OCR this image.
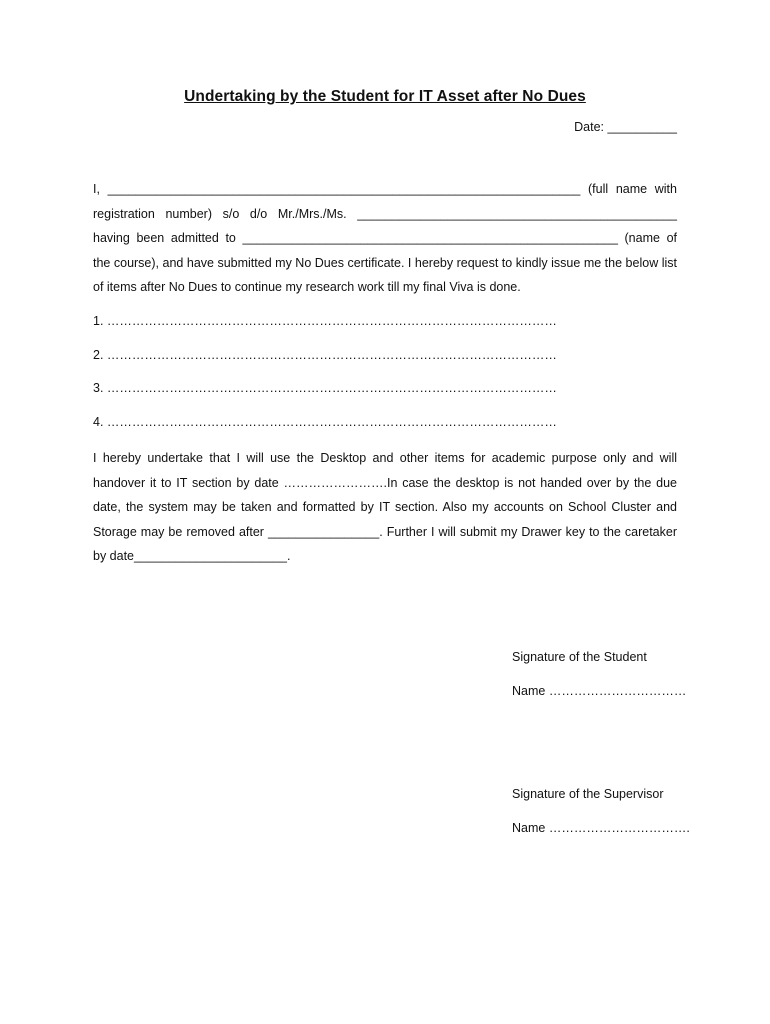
Undertaking by the Student for IT Asset after No Dues
Date: __________

I, ____________________________________________________________________ (full name with registration number) s/o d/o Mr./Mrs./Ms. ______________________________________________ having been admitted to ______________________________________________________ (name of the course), and have submitted my No Dues certificate. I hereby request to kindly issue me the below list of items after No Dues to continue my research work till my final Viva is done.

1. ………………………………………………………………………………………………
2. ………………………………………………………………………………………………
3. ………………………………………………………………………………………………
4. ………………………………………………………………………………………………

I hereby undertake that I will use the Desktop and other items for academic purpose only and will handover it to IT section by date …………………….In case the desktop is not handed over by the due date, the system may be taken and formatted by IT section. Also my accounts on School Cluster and Storage may be removed after ________________. Further I will submit my Drawer key to the caretaker by date______________________.

Signature of the Student
Name ……………………………
Signature of the Supervisor
Name …………………………….
